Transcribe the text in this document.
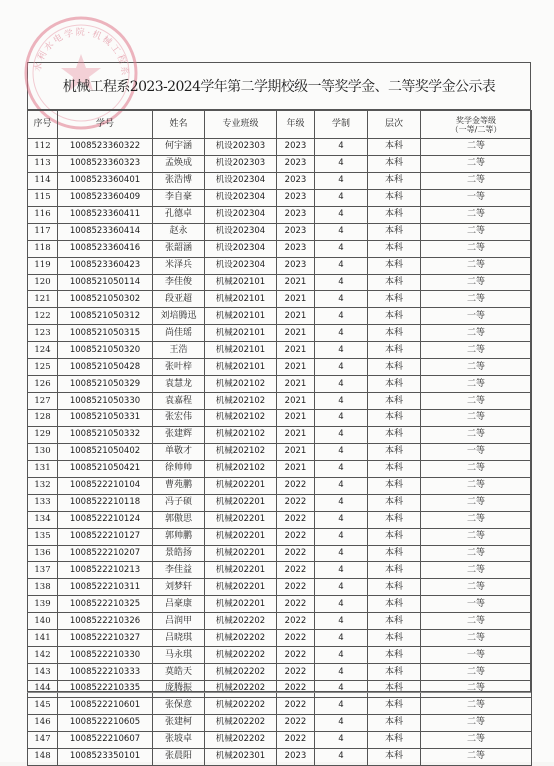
水利水电学院·机械工程系
机械工程系2023-2024学年第二学期校级一等奖学金、二等奖学金公示表
序号	学号	姓名	专业班级	年级	学制	层次	奖学金等级
（一等/二等）

112	1008523360322	何宇涵	机设202303	2023	4	本科	二等
113	1008523360323	孟焕成	机设202303	2023	4	本科	二等
114	1008523360401	张浩博	机设202304	2023	4	本科	二等
115	1008523360409	李自豪	机设202304	2023	4	本科	一等
116	1008523360411	孔德卓	机设202304	2023	4	本科	二等
117	1008523360414	赵永	机设202304	2023	4	本科	二等
118	1008523360416	张韶涵	机设202304	2023	4	本科	二等
119	1008523360423	米泽兵	机设202304	2023	4	本科	二等
120	1008521050114	李佳俊	机械202101	2021	4	本科	二等
121	1008521050302	段亚超	机械202101	2021	4	本科	二等
122	1008521050312	刘培腾迅	机械202101	2021	4	本科	一等
123	1008521050315	尚佳瑶	机械202101	2021	4	本科	二等
124	1008521050320	王浩	机械202101	2021	4	本科	二等
125	1008521050428	张叶梓	机械202101	2021	4	本科	二等
126	1008521050329	袁慧龙	机械202102	2021	4	本科	二等
127	1008521050330	袁嘉程	机械202102	2021	4	本科	二等
128	1008521050331	张宏伟	机械202102	2021	4	本科	二等
129	1008521050332	张建辉	机械202102	2021	4	本科	二等
130	1008521050402	单敬才	机械202102	2021	4	本科	一等
131	1008521050421	徐帅帅	机械202102	2021	4	本科	二等
132	1008522210104	曹苑鹏	机械202201	2022	4	本科	二等
133	1008522210118	冯子硕	机械202201	2022	4	本科	二等
134	1008522210124	郭傲思	机械202201	2022	4	本科	二等
135	1008522210127	郭帅鹏	机械202201	2022	4	本科	二等
136	1008522210207	景皓扬	机械202201	2022	4	本科	二等
137	1008522210213	李佳益	机械202201	2022	4	本科	二等
138	1008522210311	刘梦轩	机械202201	2022	4	本科	二等
139	1008522210325	吕豪康	机械202201	2022	4	本科	一等
140	1008522210326	吕润甲	机械202202	2022	4	本科	二等
141	1008522210327	吕晓琪	机械202202	2022	4	本科	二等
142	1008522210330	马永琪	机械202202	2022	4	本科	一等
143	1008522210333	莫皓天	机械202202	2022	4	本科	二等
144	1008522210335	庞腾振	机械202202	2022	4	本科	二等
145	1008522210601	张保意	机械202202	2022	4	本科	二等
146	1008522210605	张建柯	机械202202	2022	4	本科	二等
147	1008522210607	张坡卓	机械202202	2022	4	本科	二等
148	1008523350101	张晨阳	机械202301	2023	4	本科	二等
